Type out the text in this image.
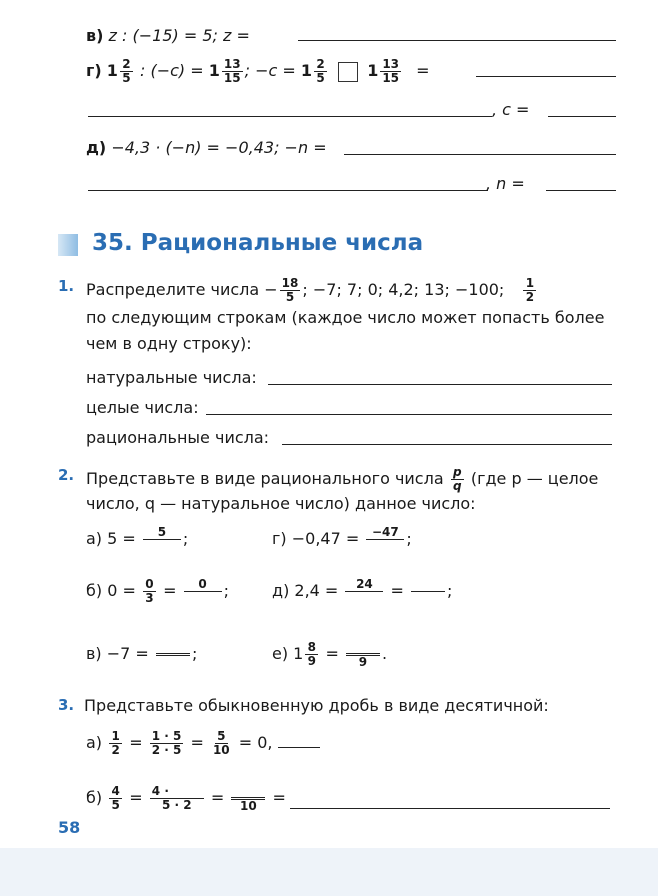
в) z : (−15) = 5; z =
г) $1 \frac{2}{5}$ : $(-c) = 1 \frac{13}{15}$ ; $-c = 1 \frac{2}{5}$	$1 \frac{13}{15}$ =
, c =
д) −4,3 · (−n) = −0,43; −n =
, n =
35. Рациональные числа
1. Распределите числа − $\frac{18}{5}$ ; −7; 7; 0; 4,2; 13; −100; $\frac{1}{2}$
по следующим строкам (каждое число может попасть более
чем в одну строку):
натуральные числа:
целые числа:
рациональные числа:
2. Представьте в виде рационального числа $\frac{p}{q} (где$ p — целое
число, q — натуральное число) данное число:
а) 5 =	5	;	г) −0,47 =	−47 ;
б) $0 = \frac{0}{3}$ =	0	;	д) 2,4 =	24	=	;
в) −7 =	;	е) $1 \frac{8}{9} = 9$ .
3. Представьте обыкновенную дробь в виде десятичной:
$а) \frac{1}{2} = \frac{1 \cdot 5}{2 \cdot 5} = \frac{5}{10} = 0$,
$б) \frac{4}{5} = \frac{4 \cdot}{5 \cdot 2} = 10$ =
58
